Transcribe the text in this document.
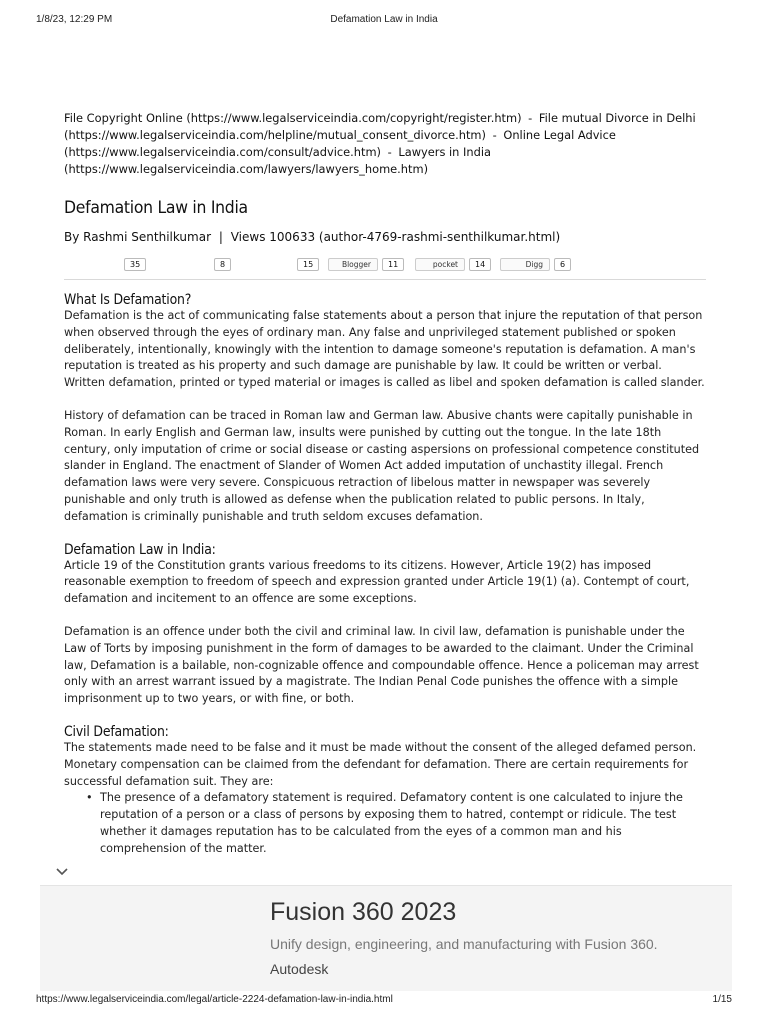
1/8/23, 12:29 PM	Defamation Law in India
File Copyright Online (https://www.legalserviceindia.com/copyright/register.htm) - File mutual Divorce in Delhi
(https://www.legalserviceindia.com/helpline/mutual_consent_divorce.htm) - Online Legal Advice
(https://www.legalserviceindia.com/consult/advice.htm) - Lawyers in India
(https://www.legalserviceindia.com/lawyers/lawyers_home.htm)
Defamation Law in India
By Rashmi Senthilkumar | Views 100633 (author-4769-rashmi-senthilkumar.html)
35	8	15	Blogger	11	pocket	14	Digg	6
What Is Defamation?

Defamation is the act of communicating false statements about a person that injure the reputation of that person when observed through the eyes of ordinary man. Any false and unprivileged statement published or spoken deliberately, intentionally, knowingly with the intention to damage someone's reputation is defamation. A man's reputation is treated as his property and such damage are punishable by law. It could be written or verbal. Written defamation, printed or typed material or images is called as libel and spoken defamation is called slander.

History of defamation can be traced in Roman law and German law. Abusive chants were capitally punishable in Roman. In early English and German law, insults were punished by cutting out the tongue. In the late 18th century, only imputation of crime or social disease or casting aspersions on professional competence constituted slander in England. The enactment of Slander of Women Act added imputation of unchastity illegal. French defamation laws were very severe. Conspicuous retraction of libelous matter in newspaper was severely punishable and only truth is allowed as defense when the publication related to public persons. In Italy, defamation is criminally punishable and truth seldom excuses defamation.

Defamation Law in India:

Article 19 of the Constitution grants various freedoms to its citizens. However, Article 19(2) has imposed reasonable exemption to freedom of speech and expression granted under Article 19(1) (a). Contempt of court, defamation and incitement to an offence are some exceptions.

Defamation is an offence under both the civil and criminal law. In civil law, defamation is punishable under the Law of Torts by imposing punishment in the form of damages to be awarded to the claimant. Under the Criminal law, Defamation is a bailable, non-cognizable offence and compoundable offence. Hence a policeman may arrest only with an arrest warrant issued by a magistrate. The Indian Penal Code punishes the offence with a simple imprisonment up to two years, or with fine, or both.

Civil Defamation:

The statements made need to be false and it must be made without the consent of the alleged defamed person. Monetary compensation can be claimed from the defendant for defamation. There are certain requirements for successful defamation suit. They are:

• The presence of a defamatory statement is required. Defamatory content is one calculated to injure the reputation of a person or a class of persons by exposing them to hatred, contempt or ridicule. The test whether it damages reputation has to be calculated from the eyes of a common man and his comprehension of the matter.
Fusion 360 2023
Unify design, engineering, and manufacturing with Fusion 360.
Autodesk
https://www.legalserviceindia.com/legal/article-2224-defamation-law-in-india.html	1/15
